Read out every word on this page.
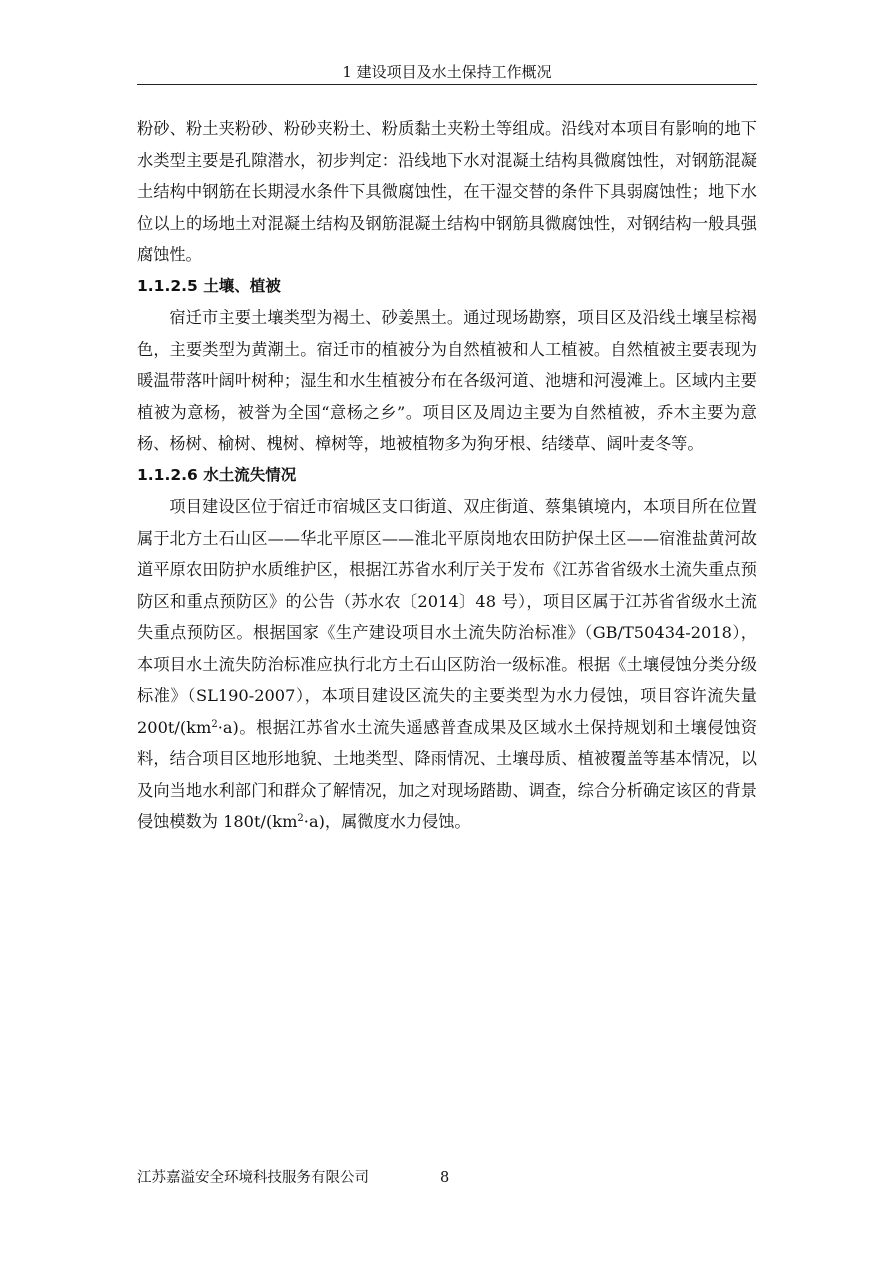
1 建设项目及水土保持工作概况

粉砂、粉土夹粉砂、粉砂夹粉土、粉质黏土夹粉土等组成。沿线对本项目有影响的地下水类型主要是孔隙潜水，初步判定：沿线地下水对混凝土结构具微腐蚀性，对钢筋混凝土结构中钢筋在长期浸水条件下具微腐蚀性，在干湿交替的条件下具弱腐蚀性；地下水位以上的场地土对混凝土结构及钢筋混凝土结构中钢筋具微腐蚀性，对钢结构一般具强腐蚀性。

1.1.2.5 土壤、植被

宿迁市主要土壤类型为褐土、砂姜黑土。通过现场勘察，项目区及沿线土壤呈棕褐色，主要类型为黄潮土。宿迁市的植被分为自然植被和人工植被。自然植被主要表现为暖温带落叶阔叶树种；湿生和水生植被分布在各级河道、池塘和河漫滩上。区域内主要植被为意杨，被誉为全国“意杨之乡”。项目区及周边主要为自然植被，乔木主要为意杨、杨树、榆树、槐树、樟树等，地被植物多为狗牙根、结缕草、阔叶麦冬等。

1.1.2.6 水土流失情况

项目建设区位于宿迁市宿城区支口街道、双庄街道、蔡集镇境内，本项目所在位置属于北方土石山区——华北平原区——淮北平原岗地农田防护保土区——宿淮盐黄河故道平原农田防护水质维护区，根据江苏省水利厅关于发布《江苏省省级水土流失重点预防区和重点预防区》的公告（苏水农〔2014〕48 号），项目区属于江苏省省级水土流失重点预防区。根据国家《生产建设项目水土流失防治标准》（GB/T50434-2018），本项目水土流失防治标准应执行北方土石山区防治一级标准。根据《土壤侵蚀分类分级标准》（SL190-2007），本项目建设区流失的主要类型为水力侵蚀，项目容许流失量 $200t/(km^2\cdot a)$。根据江苏省水土流失遥感普查成果及区域水土保持规划和土壤侵蚀资料，结合项目区地形地貌、土地类型、降雨情况、土壤母质、植被覆盖等基本情况，以及向当地水利部门和群众了解情况，加之对现场踏勘、调查，综合分析确定该区的背景侵蚀模数为 $180t/(km^2\cdot a)$，属微度水力侵蚀。

江苏嘉溢安全环境科技服务有限公司	8
